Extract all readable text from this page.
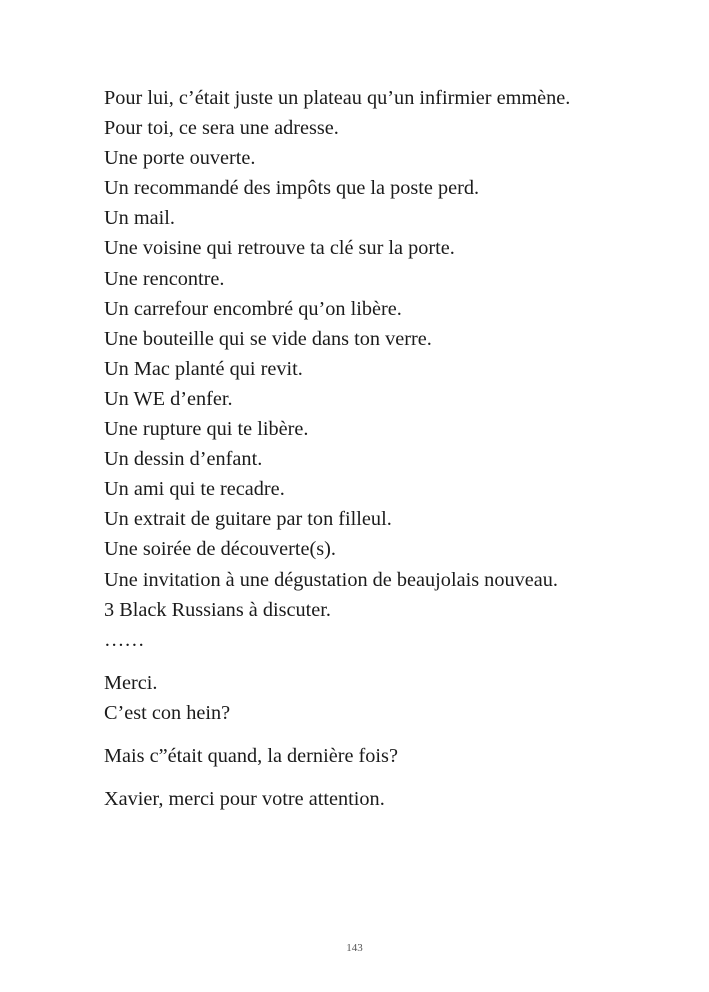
Pour lui, c’était juste un plateau qu’un infirmier emmène.

Pour toi, ce sera une adresse.

Une porte ouverte.

Un recommandé des impôts que la poste perd.

Un mail.

Une voisine qui retrouve ta clé sur la porte.

Une rencontre.

Un carrefour encombré qu’on libère.

Une bouteille qui se vide dans ton verre.

Un Mac planté qui revit.

Un WE d’enfer.

Une rupture qui te libère.

Un dessin d’enfant.

Un ami qui te recadre.

Un extrait de guitare par ton filleul.

Une soirée de découverte(s).

Une invitation à une dégustation de beaujolais nouveau.

3 Black Russians à discuter.

……

Merci.

C’est con hein?

Mais c”était quand, la dernière fois?

Xavier, merci pour votre attention.

143
